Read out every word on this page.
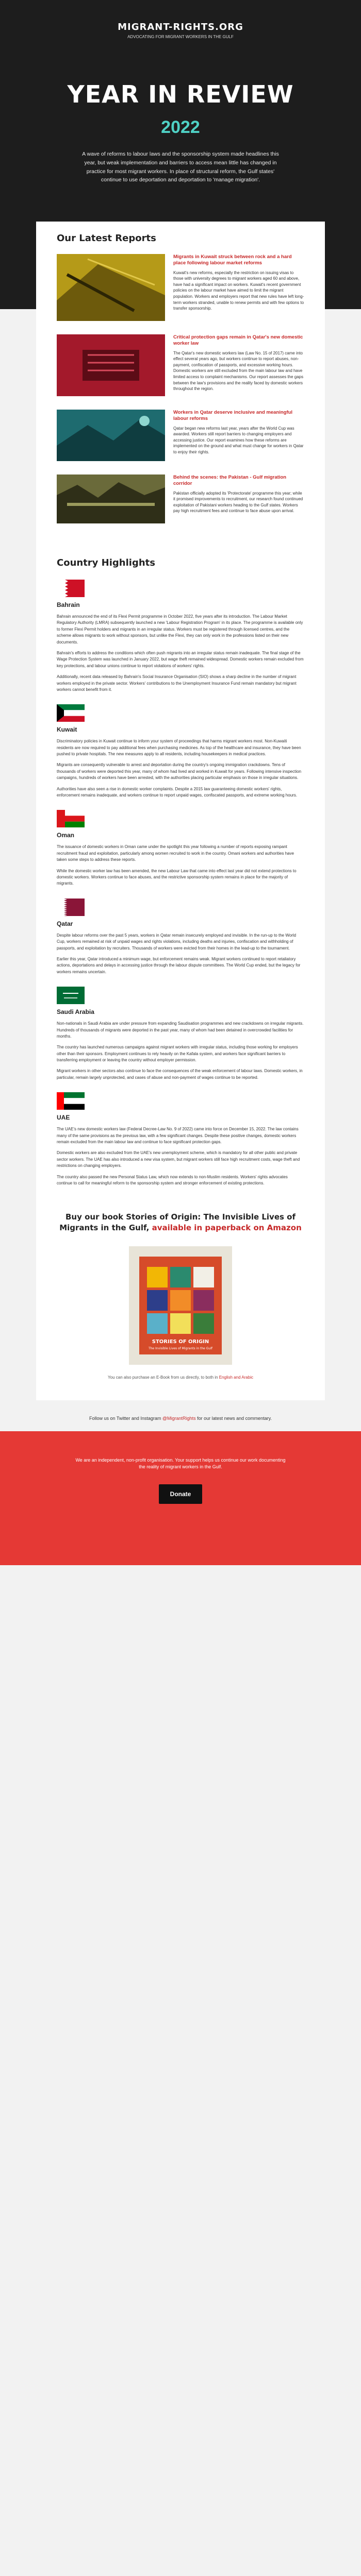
MIGRANT-RIGHTS.ORG
ADVOCATING FOR MIGRANT WORKERS IN THE GULF
YEAR IN REVIEW
2022
A wave of reforms to labour laws and the sponsorship system made headlines this year, but weak implementation and barriers to access mean little has changed in practice for most migrant workers. In place of structural reform, the Gulf states' continue to use deportation and deportation to 'manage migration'.
Our Latest Reports
Migrants in Kuwait struck between rock and a hard place following labour market reforms
Kuwait's new reforms, especially the restriction on issuing visas to those with university degrees to migrant workers aged 60 and above, have had a significant impact on workers. Kuwait's recent government policies on the labour market have aimed to limit the migrant population. Workers and employers report that new rules have left long-term workers stranded, unable to renew permits and with few options to transfer sponsorship.
Critical protection gaps remain in Qatar's new domestic worker law
The Qatar's new domestic workers law (Law No. 15 of 2017) came into effect several years ago, but workers continue to report abuses, non-payment, confiscation of passports, and excessive working hours. Domestic workers are still excluded from the main labour law and have limited access to complaint mechanisms. Our report assesses the gaps between the law's provisions and the reality faced by domestic workers throughout the region.
Workers in Qatar deserve inclusive and meaningful labour reforms
Qatar began new reforms last year, years after the World Cup was awarded. Workers still report barriers to changing employers and accessing justice. Our report examines how these reforms are implemented on the ground and what must change for workers in Qatar to enjoy their rights.
Behind the scenes: the Pakistan - Gulf migration corridor
Pakistan officially adopted its 'Protectorate' programme this year; while it promised improvements to recruitment, our research found continued exploitation of Pakistani workers heading to the Gulf states. Workers pay high recruitment fees and continue to face abuse upon arrival.
Country Highlights
Bahrain

Bahrain announced the end of its Flexi Permit programme in October 2022, five years after its introduction. The Labour Market Regulatory Authority (LMRA) subsequently launched a new 'Labour Registration Program' in its place. The programme is available only to former Flexi Permit holders and migrants in an irregular status. Workers must be registered through licensed centres, and the scheme allows migrants to work without sponsors, but unlike the Flexi, they can only work in the professions listed on their new documents.

Bahrain's efforts to address the conditions which often push migrants into an irregular status remain inadequate. The final stage of the Wage Protection System was launched in January 2022, but wage theft remained widespread. Domestic workers remain excluded from key protections, and labour unions continue to report violations of workers' rights.

Additionally, recent data released by Bahrain's Social Insurance Organisation (SIO) shows a sharp decline in the number of migrant workers employed in the private sector. Workers' contributions to the Unemployment Insurance Fund remain mandatory but migrant workers cannot benefit from it.

Kuwait

Discriminatory policies in Kuwait continue to inform your system of proceedings that harms migrant workers most. Non-Kuwaiti residents are now required to pay additional fees when purchasing medicines. As top of the healthcare and insurance, they have been pushed to private hospitals. The new measures apply to all residents, including housekeepers in medical practices.

Migrants are consequently vulnerable to arrest and deportation during the country's ongoing immigration crackdowns. Tens of thousands of workers were deported this year, many of whom had lived and worked in Kuwait for years. Following intensive inspection campaigns, hundreds of workers have been arrested, with the authorities placing particular emphasis on those in irregular situations.

Authorities have also seen a rise in domestic worker complaints. Despite a 2015 law guaranteeing domestic workers' rights, enforcement remains inadequate, and workers continue to report unpaid wages, confiscated passports, and extreme working hours.

Oman

The issuance of domestic workers in Oman came under the spotlight this year following a number of reports exposing rampant recruitment fraud and exploitation, particularly among women recruited to work in the country. Omani workers and authorities have taken some steps to address these reports.

While the domestic worker law has been amended, the new Labour Law that came into effect last year did not extend protections to domestic workers. Workers continue to face abuses, and the restrictive sponsorship system remains in place for the majority of migrants.

Qatar

Despite labour reforms over the past 5 years, workers in Qatar remain insecurely employed and invisible. In the run-up to the World Cup, workers remained at risk of unpaid wages and rights violations, including deaths and injuries, confiscation and withholding of passports, and exploitation by recruiters. Thousands of workers were evicted from their homes in the lead-up to the tournament.

Earlier this year, Qatar introduced a minimum wage, but enforcement remains weak. Migrant workers continued to report retaliatory actions, deportations and delays in accessing justice through the labour dispute committees. The World Cup ended, but the legacy for workers remains uncertain.

Saudi Arabia

Non-nationals in Saudi Arabia are under pressure from expanding Saudisation programmes and new crackdowns on irregular migrants. Hundreds of thousands of migrants were deported in the past year, many of whom had been detained in overcrowded facilities for months.

The country has launched numerous campaigns against migrant workers with irregular status, including those working for employers other than their sponsors. Employment continues to rely heavily on the Kafala system, and workers face significant barriers to transferring employment or leaving the country without employer permission.

Migrant workers in other sectors also continue to face the consequences of the weak enforcement of labour laws. Domestic workers, in particular, remain largely unprotected, and cases of abuse and non-payment of wages continue to be reported.

UAE

The UAE's new domestic workers law (Federal Decree-Law No. 9 of 2022) came into force on December 15, 2022. The law contains many of the same provisions as the previous law, with a few significant changes. Despite these positive changes, domestic workers remain excluded from the main labour law and continue to face significant protection gaps.

Domestic workers are also excluded from the UAE's new unemployment scheme, which is mandatory for all other public and private sector workers. The UAE has also introduced a new visa system, but migrant workers still face high recruitment costs, wage theft and restrictions on changing employers.

The country also passed the new Personal Status Law, which now extends to non-Muslim residents. Workers' rights advocates continue to call for meaningful reform to the sponsorship system and stronger enforcement of existing protections.

Buy our book Stories of Origin: The Invisible Lives of Migrants in the Gulf, available in paperback on Amazon
STORIES OF ORIGIN
The Invisible Lives of Migrants in the Gulf
You can also purchase an E-Book from us directly, to both in English and Arabic
Follow us on Twitter and Instagram @MigrantRights for our latest news and commentary.

We are an independent, non-profit organisation. Your support helps us continue our work documenting the reality of migrant workers in the Gulf.

Donate
